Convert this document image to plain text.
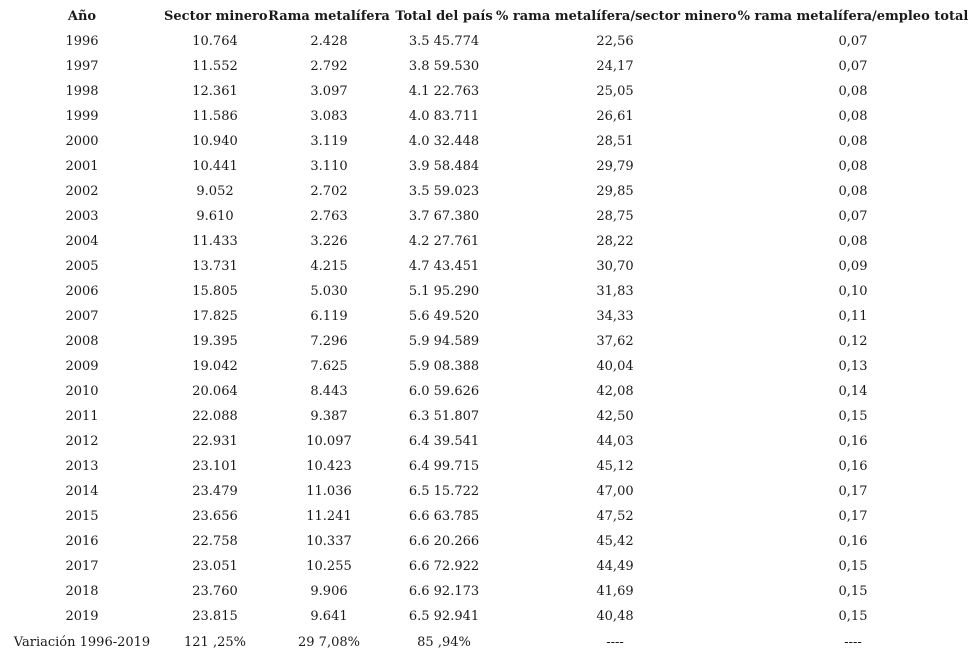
Año	Sector minero	Rama metalífera	Total del país	% rama metalífera/sector minero	% rama metalífera/empleo total
1996	10.764	2.428	3.5 45.774	22,56	0,07
1997	11.552	2.792	3.8 59.530	24,17	0,07
1998	12.361	3.097	4.1 22.763	25,05	0,08
1999	11.586	3.083	4.0 83.711	26,61	0,08
2000	10.940	3.119	4.0 32.448	28,51	0,08
2001	10.441	3.110	3.9 58.484	29,79	0,08
2002	9.052	2.702	3.5 59.023	29,85	0,08
2003	9.610	2.763	3.7 67.380	28,75	0,07
2004	11.433	3.226	4.2 27.761	28,22	0,08
2005	13.731	4.215	4.7 43.451	30,70	0,09
2006	15.805	5.030	5.1 95.290	31,83	0,10
2007	17.825	6.119	5.6 49.520	34,33	0,11
2008	19.395	7.296	5.9 94.589	37,62	0,12
2009	19.042	7.625	5.9 08.388	40,04	0,13
2010	20.064	8.443	6.0 59.626	42,08	0,14
2011	22.088	9.387	6.3 51.807	42,50	0,15
2012	22.931	10.097	6.4 39.541	44,03	0,16
2013	23.101	10.423	6.4 99.715	45,12	0,16
2014	23.479	11.036	6.5 15.722	47,00	0,17
2015	23.656	11.241	6.6 63.785	47,52	0,17
2016	22.758	10.337	6.6 20.266	45,42	0,16
2017	23.051	10.255	6.6 72.922	44,49	0,15
2018	23.760	9.906	6.6 92.173	41,69	0,15
2019	23.815	9.641	6.5 92.941	40,48	0,15
Variación 1996-2019	121 ,25%	29 7,08%	85 ,94%	----	----
